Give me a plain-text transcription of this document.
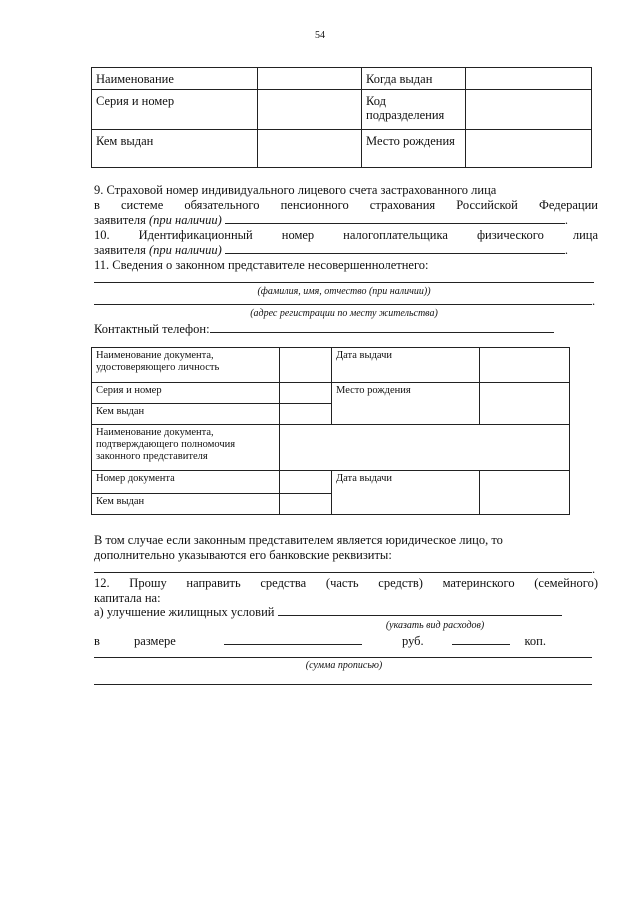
54
Наименование		Когда выдан	
Серия и номер		Код подразделения	
Кем выдан		Место рождения	
9. Страховой номер индивидуального лицевого счета застрахованного лица
в системе обязательного пенсионного страхования Российской Федерации
заявителя (при наличии)	.
10. Идентификационный номер налогоплательщика физического лица
заявителя (при наличии)	.
11. Сведения о законном представителе несовершеннолетнего:
(фамилия, имя, отчество (при наличии))
.
(адрес регистрации по месту жительства)
Контактный телефон:
Наименование документа, удостоверяющего личность		Дата выдачи	
Серия и номер		Место рождения	
Кем выдан			
Наименование документа, подтверждающего полномочия законного представителя			
Номер документа		Дата выдачи	
Кем выдан			
В том случае если законным представителем является юридическое лицо, то
дополнительно указываются его банковские реквизиты:
.
12. Прошу направить средства (часть средств) материнского (семейного)
капитала на:
а) улучшение жилищных условий
(указать вид расходов)
в	размере	руб.	коп.
(сумма прописью)
